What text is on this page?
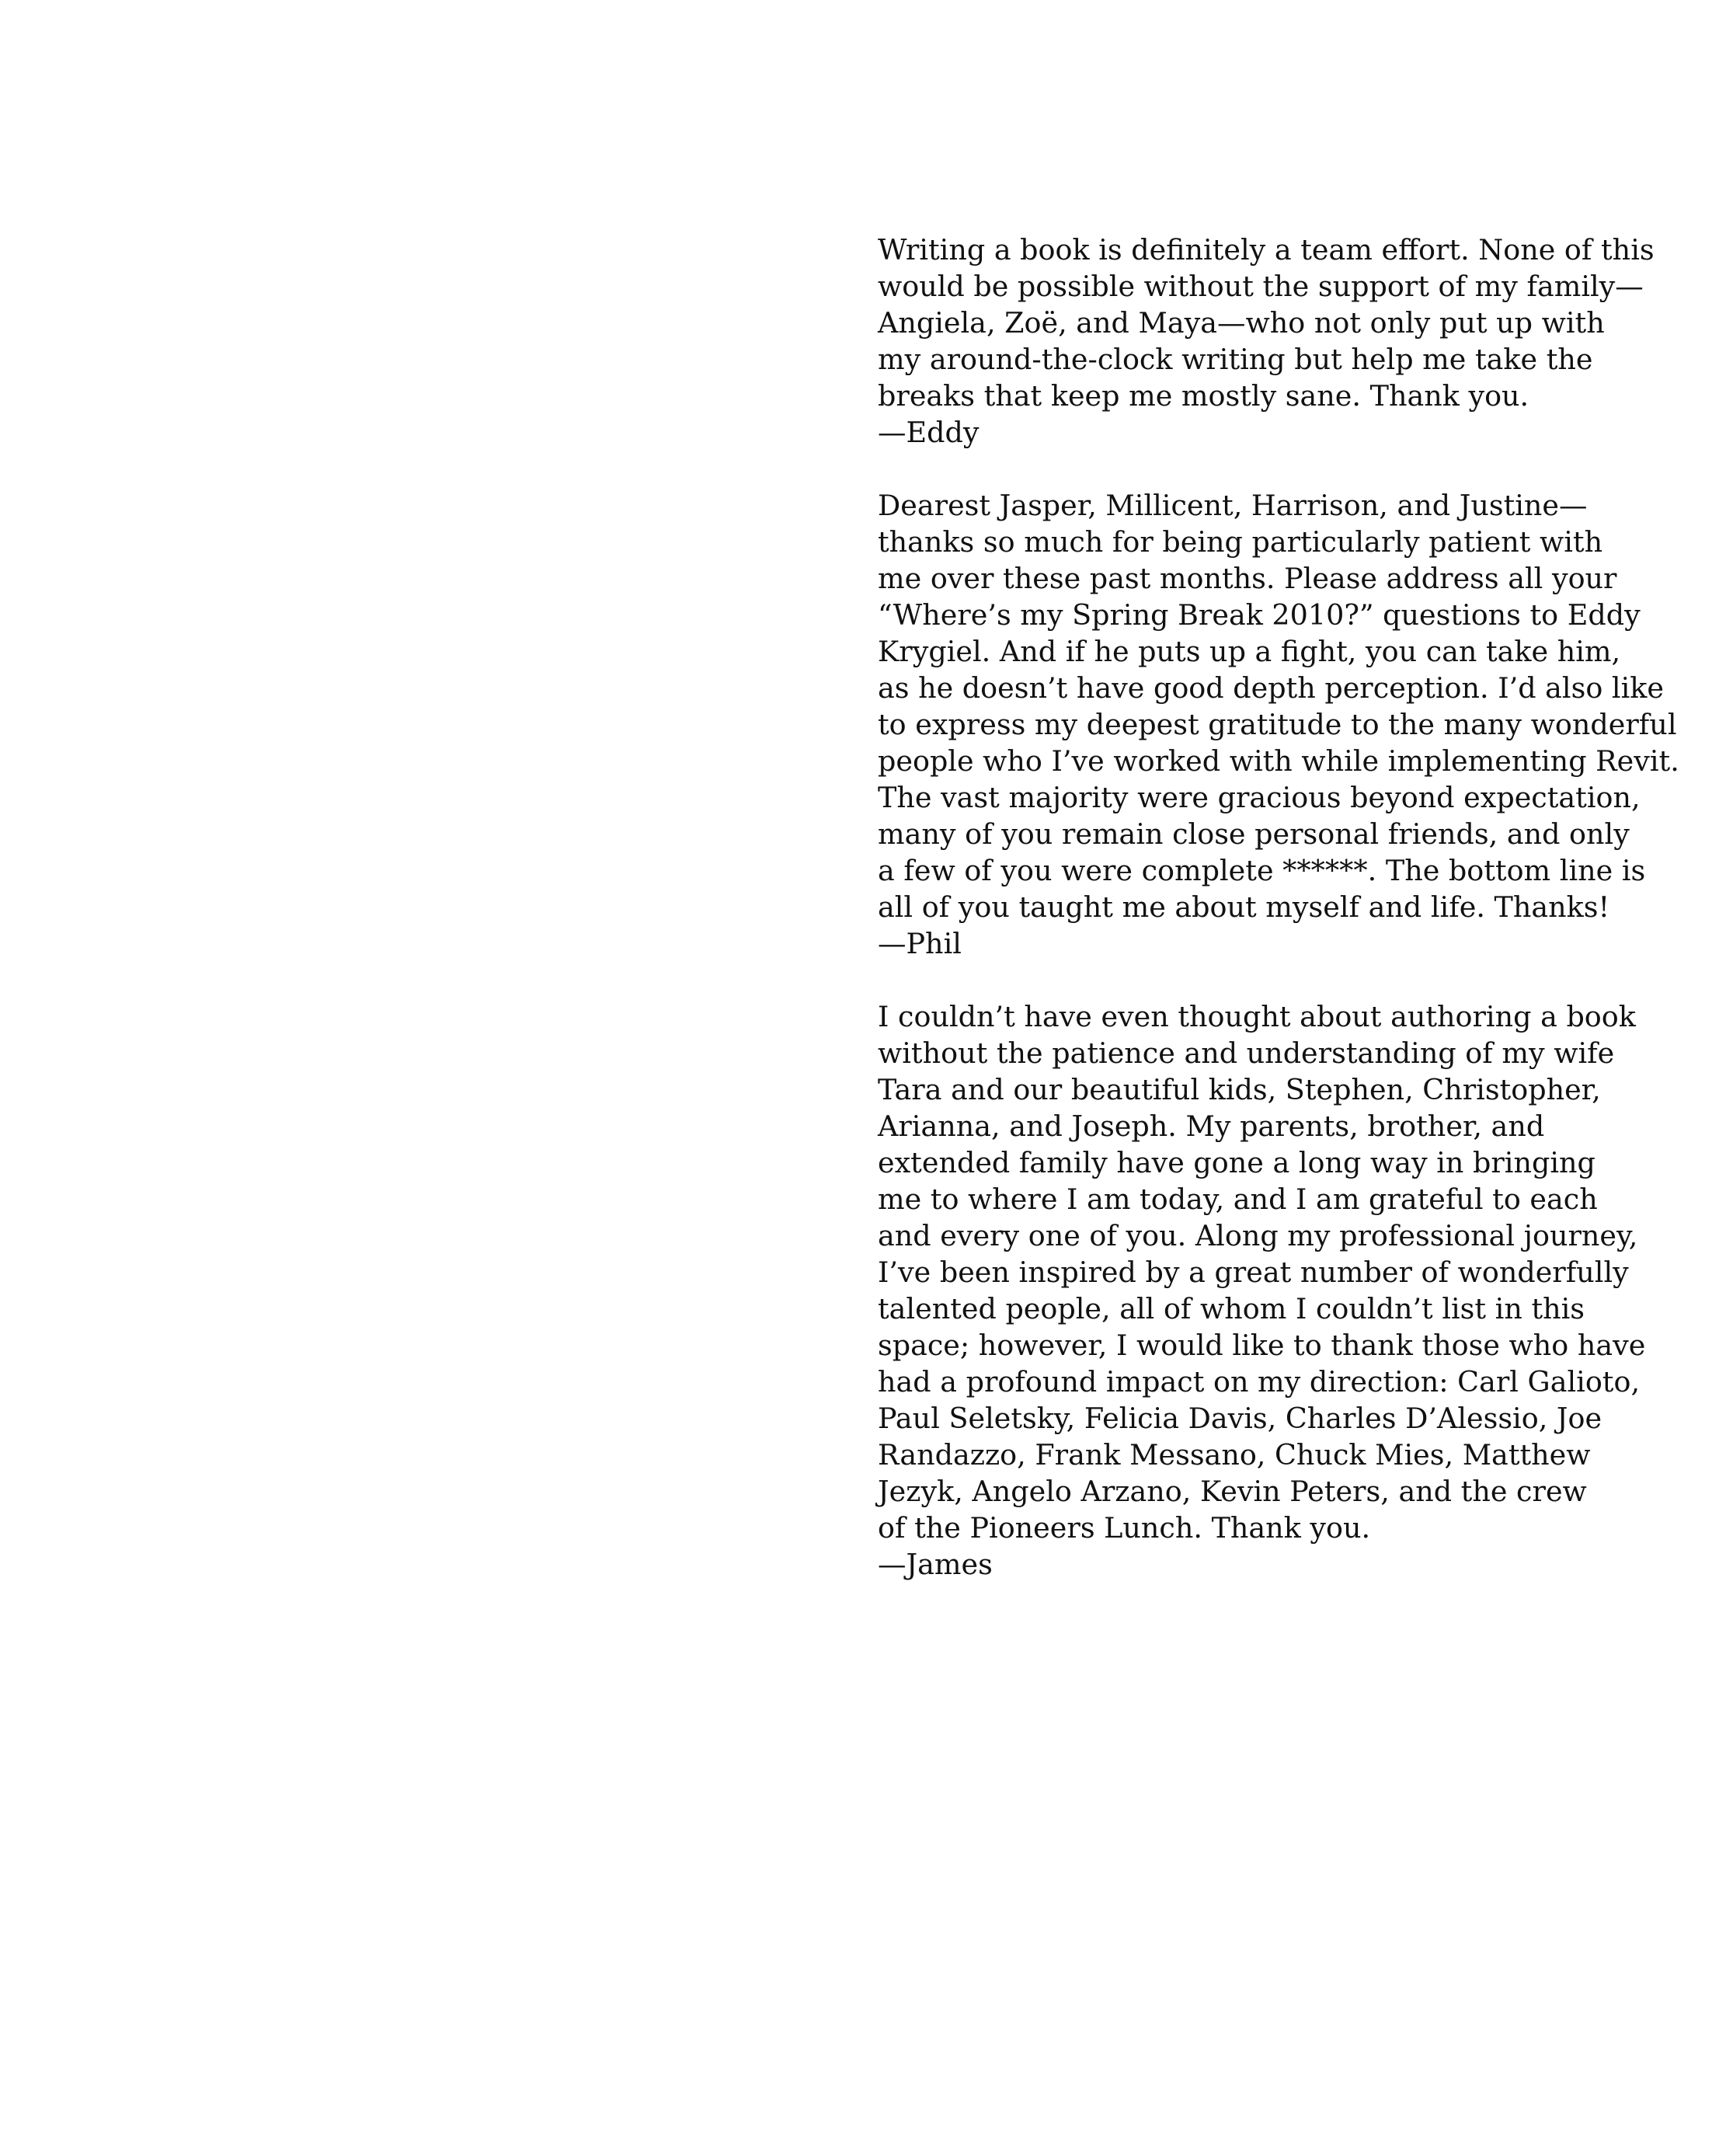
Writing a book is definitely a team effort. None of this
would be possible without the support of my family—
Angiela, Zoë, and Maya—who not only put up with
my around-the-clock writing but help me take the
breaks that keep me mostly sane. Thank you.
—Eddy
Dearest Jasper, Millicent, Harrison, and Justine—
thanks so much for being particularly patient with
me over these past months. Please address all your
“Where’s my Spring Break 2010?” questions to Eddy
Krygiel. And if he puts up a fight, you can take him,
as he doesn’t have good depth perception. I’d also like
to express my deepest gratitude to the many wonderful
people who I’ve worked with while implementing Revit.
The vast majority were gracious beyond expectation,
many of you remain close personal friends, and only
a few of you were complete ******. The bottom line is
all of you taught me about myself and life. Thanks!
—Phil
I couldn’t have even thought about authoring a book
without the patience and understanding of my wife
Tara and our beautiful kids, Stephen, Christopher,
Arianna, and Joseph. My parents, brother, and
extended family have gone a long way in bringing
me to where I am today, and I am grateful to each
and every one of you. Along my professional journey,
I’ve been inspired by a great number of wonderfully
talented people, all of whom I couldn’t list in this
space; however, I would like to thank those who have
had a profound impact on my direction: Carl Galioto,
Paul Seletsky, Felicia Davis, Charles D’Alessio, Joe
Randazzo, Frank Messano, Chuck Mies, Matthew
Jezyk, Angelo Arzano, Kevin Peters, and the crew
of the Pioneers Lunch. Thank you.
—James
